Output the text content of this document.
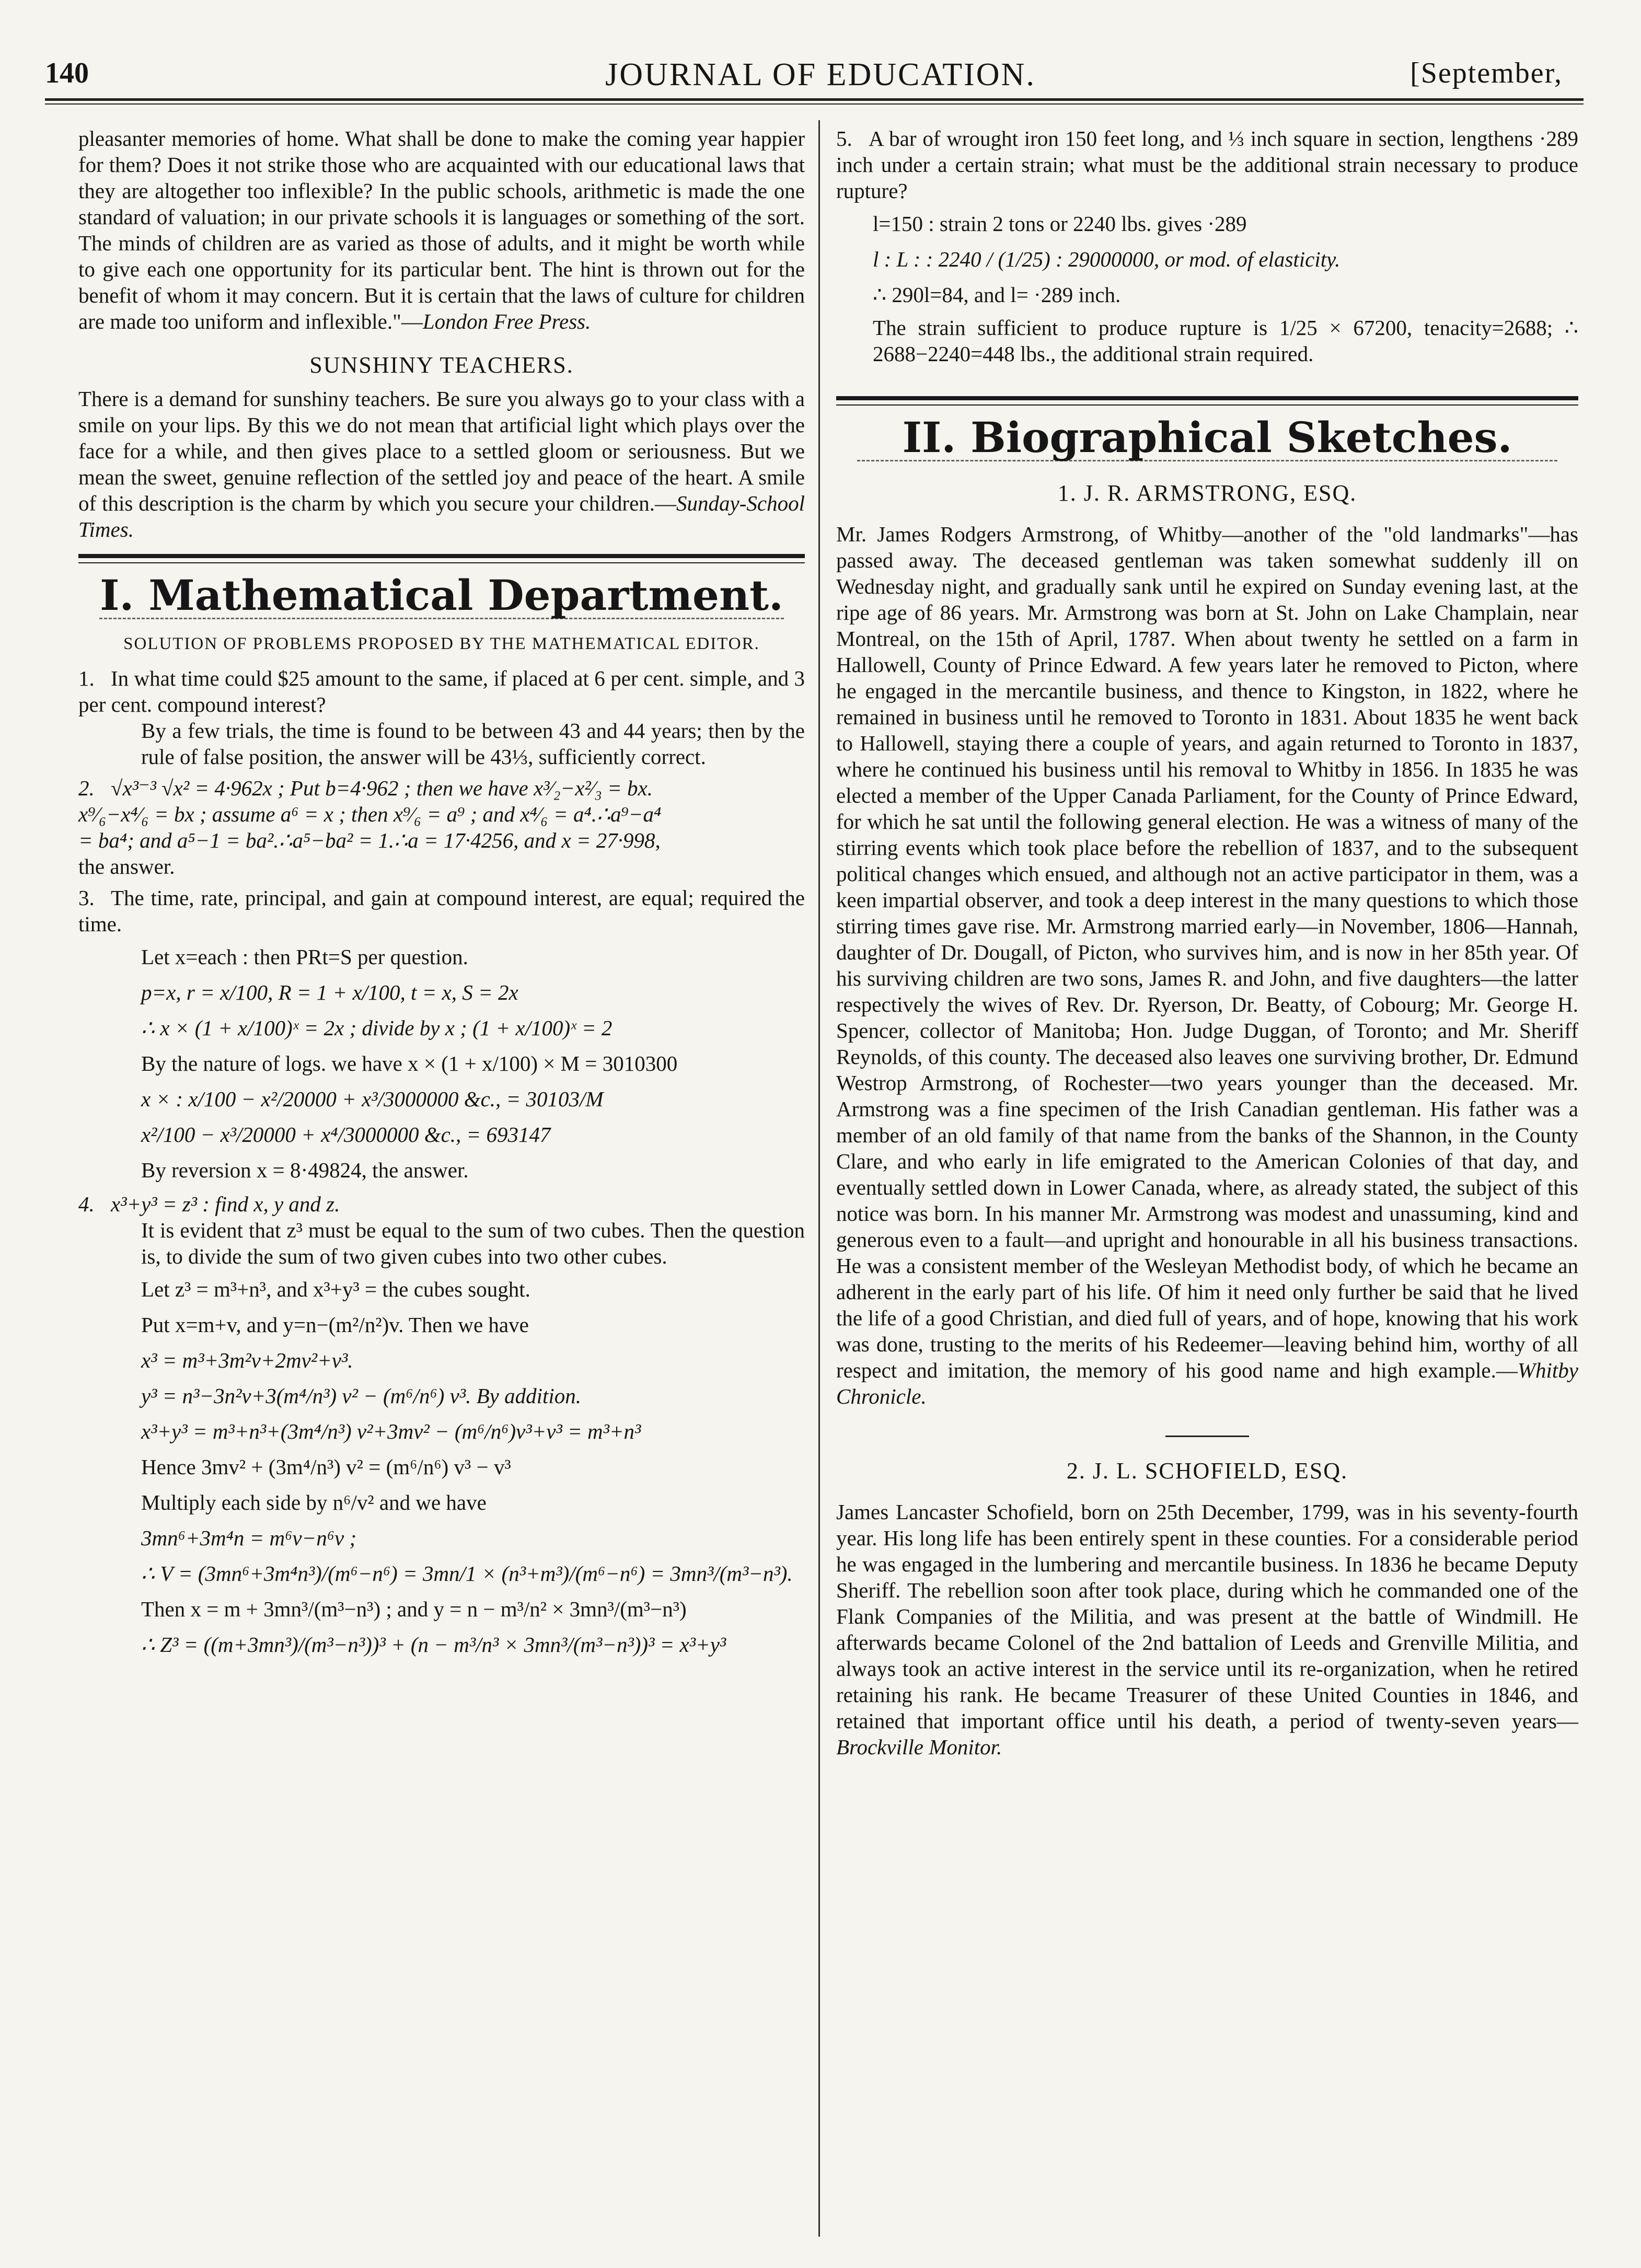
140	JOURNAL OF EDUCATION.	[September,

pleasanter memories of home. What shall be done to make the coming year happier for them? Does it not strike those who are acquainted with our educational laws that they are altogether too inflexible? In the public schools, arithmetic is made the one standard of valuation; in our private schools it is languages or something of the sort. The minds of children are as varied as those of adults, and it might be worth while to give each one opportunity for its particular bent. The hint is thrown out for the benefit of whom it may concern. But it is certain that the laws of culture for children are made too uniform and inflexible."—London Free Press.

SUNSHINY TEACHERS.

There is a demand for sunshiny teachers. Be sure you always go to your class with a smile on your lips. By this we do not mean that artificial light which plays over the face for a while, and then gives place to a settled gloom or seriousness. But we mean the sweet, genuine reflection of the settled joy and peace of the heart. A smile of this description is the charm by which you secure your children.—Sunday-School Times.

I. Mathematical Department.
SOLUTION OF PROBLEMS PROPOSED BY THE MATHEMATICAL EDITOR.

1. In what time could $25 amount to the same, if placed at 6 per cent. simple, and 3 per cent. compound interest?

By a few trials, the time is found to be between 43 and 44 years; then by the rule of false position, the answer will be 43⅓, sufficiently correct.

2. √x³⁻³ √x² = 4·962x ; Put b=4·962 ; then we have x³⁄₂−x²⁄₃ = bx.

x⁹⁄₆−x⁴⁄₆ = bx ; assume a⁶ = x ; then x⁹⁄₆ = a⁹ ; and x⁴⁄₆ = a⁴.∴a⁹−a⁴

= ba⁴; and a⁵−1 = ba².∴a⁵−ba² = 1.∴a = 17·4256, and x = 27·998,

the answer.

3. The time, rate, principal, and gain at compound interest, are equal; required the time.

Let x=each : then PRt=S per question.
p=x, r = x/100, R = 1 + x/100, t = x, S = 2x
∴ x × (1 + x/100)ˣ = 2x ; divide by x ; (1 + x/100)ˣ = 2
By the nature of logs. we have x × (1 + x/100) × M = 3010300
x × : x/100 − x²/20000 + x³/3000000 &c., = 30103/M
x²/100 − x³/20000 + x⁴/3000000 &c., = 693147
By reversion x = 8·49824, the answer.

4. x³+y³ = z³ : find x, y and z.

It is evident that z³ must be equal to the sum of two cubes. Then the question is, to divide the sum of two given cubes into two other cubes.

Let z³ = m³+n³, and x³+y³ = the cubes sought.
Put x=m+v, and y=n−(m²/n²)v. Then we have
x³ = m³+3m²v+2mv²+v³.
y³ = n³−3n²v+3(m⁴/n³) v² − (m⁶/n⁶) v³. By addition.
x³+y³ = m³+n³+(3m⁴/n³) v²+3mv² − (m⁶/n⁶)v³+v³ = m³+n³
Hence 3mv² + (3m⁴/n³) v² = (m⁶/n⁶) v³ − v³
Multiply each side by n⁶/v² and we have
3mn⁶+3m⁴n = m⁶v−n⁶v ;
∴ V = (3mn⁶+3m⁴n³)/(m⁶−n⁶) = 3mn/1 × (n³+m³)/(m⁶−n⁶) = 3mn³/(m³−n³).
Then x = m + 3mn³/(m³−n³) ; and y = n − m³/n² × 3mn³/(m³−n³)
∴ Z³ = ((m+3mn³)/(m³−n³))³ + (n − m³/n³ × 3mn³/(m³−n³))³ = x³+y³

5. A bar of wrought iron 150 feet long, and ⅓ inch square in section, lengthens ·289 inch under a certain strain; what must be the additional strain necessary to produce rupture?

l=150 : strain 2 tons or 2240 lbs. gives ·289
l : L : : 2240 / (1/25) : 29000000, or mod. of elasticity.
∴ 290l=84, and l= ·289 inch.

The strain sufficient to produce rupture is 1/25 × 67200, tenacity=2688; ∴ 2688−2240=448 lbs., the additional strain required.

II. Biographical Sketches.
1. J. R. ARMSTRONG, ESQ.

Mr. James Rodgers Armstrong, of Whitby—another of the "old landmarks"—has passed away. The deceased gentleman was taken somewhat suddenly ill on Wednesday night, and gradually sank until he expired on Sunday evening last, at the ripe age of 86 years. Mr. Armstrong was born at St. John on Lake Champlain, near Montreal, on the 15th of April, 1787. When about twenty he settled on a farm in Hallowell, County of Prince Edward. A few years later he removed to Picton, where he engaged in the mercantile business, and thence to Kingston, in 1822, where he remained in business until he removed to Toronto in 1831. About 1835 he went back to Hallowell, staying there a couple of years, and again returned to Toronto in 1837, where he continued his business until his removal to Whitby in 1856. In 1835 he was elected a member of the Upper Canada Parliament, for the County of Prince Edward, for which he sat until the following general election. He was a witness of many of the stirring events which took place before the rebellion of 1837, and to the subsequent political changes which ensued, and although not an active participator in them, was a keen impartial observer, and took a deep interest in the many questions to which those stirring times gave rise. Mr. Armstrong married early—in November, 1806—Hannah, daughter of Dr. Dougall, of Picton, who survives him, and is now in her 85th year. Of his surviving children are two sons, James R. and John, and five daughters—the latter respectively the wives of Rev. Dr. Ryerson, Dr. Beatty, of Cobourg; Mr. George H. Spencer, collector of Manitoba; Hon. Judge Duggan, of Toronto; and Mr. Sheriff Reynolds, of this county. The deceased also leaves one surviving brother, Dr. Edmund Westrop Armstrong, of Rochester—two years younger than the deceased. Mr. Armstrong was a fine specimen of the Irish Canadian gentleman. His father was a member of an old family of that name from the banks of the Shannon, in the County Clare, and who early in life emigrated to the American Colonies of that day, and eventually settled down in Lower Canada, where, as already stated, the subject of this notice was born. In his manner Mr. Armstrong was modest and unassuming, kind and generous even to a fault—and upright and honourable in all his business transactions. He was a consistent member of the Wesleyan Methodist body, of which he became an adherent in the early part of his life. Of him it need only further be said that he lived the life of a good Christian, and died full of years, and of hope, knowing that his work was done, trusting to the merits of his Redeemer—leaving behind him, worthy of all respect and imitation, the memory of his good name and high example.—Whitby Chronicle.

2. J. L. SCHOFIELD, ESQ.

James Lancaster Schofield, born on 25th December, 1799, was in his seventy-fourth year. His long life has been entirely spent in these counties. For a considerable period he was engaged in the lumbering and mercantile business. In 1836 he became Deputy Sheriff. The rebellion soon after took place, during which he commanded one of the Flank Companies of the Militia, and was present at the battle of Windmill. He afterwards became Colonel of the 2nd battalion of Leeds and Grenville Militia, and always took an active interest in the service until its re-organization, when he retired retaining his rank. He became Treasurer of these United Counties in 1846, and retained that important office until his death, a period of twenty-seven years—Brockville Monitor.
